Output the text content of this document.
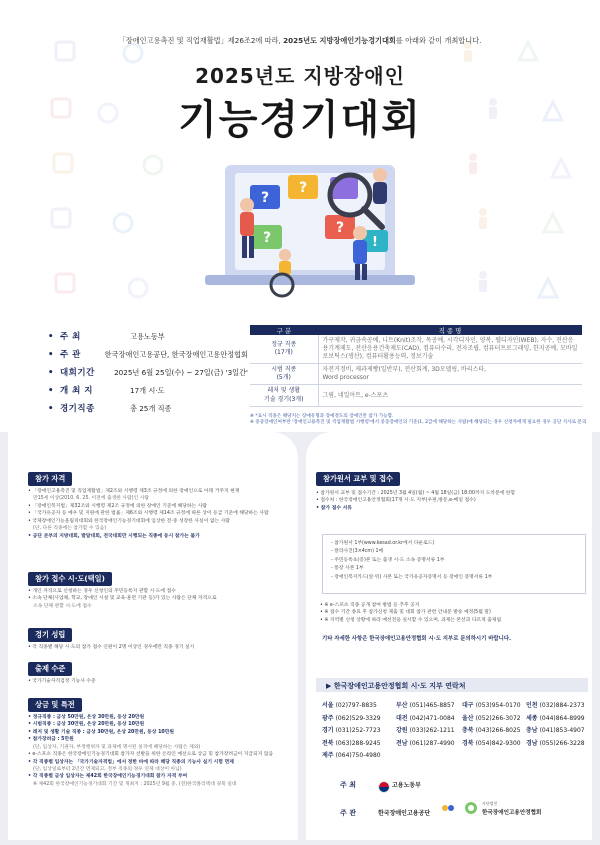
「장애인고용촉진 및 직업재활법」제26조2에 따라, 2025년도 지방장애인기능경기대회를 아래와 같이 개최합니다.
2025년도 지방장애인
기능경기대회
?
?
?
?	!
• 주 최	고용노동부
• 주 관	한국장애인고용공단, 한국장애인고용안정협회
• 대회기간	2025년 6월 25일(수) ~ 27일(금) '3일간'
• 개 최 지	17개 시·도
• 경기직종	총 25개 직종
구 분	직 종 명
정규 직종
(17개)	가구제작, 귀금속공예, 니트(Knit)조작, 목공예, 시각디자인, 양복, 웹디자인(WEB), 자수, 전산응용기계제도, 전산응용건축제도(CAD), 컴퓨터수리, 전자조립, 컴퓨터프로그래밍, 한지공예, 모바일로보틱스(생산), 컴퓨터활용능력, 정보기술
시범 직종
(5개)	자전거정비, 제과제빵(일반부), 전산회계, 3D모델링, 바리스타,
Word processor
레저 및 생활
기술 경기(3개)	그림, 네일아트, e-스포츠
※ *표시 직종은 해당지는 장애유형과 장애정도의 장애인만 참가 가능함.
※ 중증장애인여부란 '장애인고용촉진 및 직업재활법 시행령'에서 중증장애인의 기준(1, 2급에 해당하는 사람)에 해당되는 경우 신청자에게 필요한 경우 공단 지사로 문의
참가 자격
• 「장애인고용촉진 및 직업재활법」제2조와 시행령 제3조 규정에 의한 장애인으로 아래 거주지 현재
만15세 이상(2010. 6. 25. 이전에 출생한 사람)인 사람
• 「장애인복지법」제32조와 시행령 제2조 규정에 의한 장애인 기준에 해당하는 사람
• 「국가유공자 등 예우 및 지원에 관한 법률」제6조와 시행령 제14조 규정에 따른 상이 등급 기준에 해당하는 사람
• 국제장애인기능올림픽대회와 한국장애인기능경기대회에 입상한 전·중 성장한 사실이 없는 사람
(단, 다른 직종에는 참가할 수 있음)
• 공단 본부의 지방대회, 발달대회, 전국대회만 시행되는 직종에 동시 참가는 불가
참가 접수 시·도(택일)
• 개인 자격으로 신청하는 경우 신청인의 주민등록지 관할 시·도에 접수
• 소속 단체(사업체, 학교, 장애인 시설 및 교육·훈련 기관 등)가 있는 사람은 단체 자격으로
소속 단체 관할 시·도에 접수
경기 성립
• 각 직종별 해당 시·도의 참가 접수 인원이 2명 이상인 경우에만 직종 경기 실시
출제 수준
• 국가기술자격검정 기능사 수준
상금 및 특전
• 정규직종 : 금상 50만원, 은상 30만원, 동상 20만원
• 시범직종 : 금상 30만원, 은상 20만원, 동상 10만원
• 레저 및 생활 기술 직종 : 금상 30만원, 은상 20만원, 동상 10만원
• 참가장려금 : 5만원
(단, 입상자, 기권자, 부정행위자 및 과제에 명시된 실격에 해당하는 사람은 제외)
• e-스포츠 직종은 한국장애인기능경기대회 참가자 선발을 위한 온라인 예선으로 상금 및 참가장려금이 지급되지 않음
• 각 직종별 입상자는 「국가기술자격법」에서 정한 바에 따라 해당 직종의 기능사 실기 시험 면제
(단, 입상일로부터 2년간 면제되고, 정부 직종의 경우 연제 대상이 아님)
• 각 직종별 금상 입상자는 제42회 한국장애인기능경기대회 참가 자격 부여
※ 제42회 한국장애인기능경기대회 기간 및 개최지 : 2025년 9월 중, (전)한국폴리텍대 경북 일대
참가원서 교부 및 접수
• 참가원서 교부 및 접수기간 : 2025년 3월 4일(월) ~ 4월 18일(금) 18:00까지 도착분에 한함
• 접수처 : 한국장애인고용안정협회(17개 시·도 지부(우편,방문,e-메일 접수)
• 참가 접수 서류
- 참가원서 1부(www.kesad.or.kr에서 다운로드)
- 칼라사진(3×4cm) 1매
- 주민등록초(증)본 또는 출생 시·도 소속 증명서류 1부
- 통장 사본 1부
- 장애인복지카드(앞·뒤) 사본 또는 국가유공자증명서 등 장애인 증명서류 1부
• ※ e-스포츠 직종 공개 참여 방법 등 추후 공지
• ※ 접수 기간 종료 후 참가신청 제출 및 대회 참가 관련 안내문 발송 예정(5월 말)
• ※ 지역별 신청 상황에 따라 예선전을 실시할 수 있으며, 과제는 본선과 다르게 출제됨
기타 자세한 사항은 한국장애인고용안정협회 시·도 지부로 문의하시기 바랍니다.
▶ 한국장애인고용안정협회 시·도 지부 연락처
서울 (02)797-8835	부산 (051)465-8857	대구 (053)954-0170 인천 (032)884-2373
광주 (062)529-3329	대전 (042)471-0084	울산 (052)266-3072 세종 (044)864-8999
경기 (031)252-7723	강원 (033)262-1211	충북 (043)266-8025 충남 (041)853-4907
전북 (063)288-9245	전남 (061)287-4990	경북 (054)842-9300 경남 (055)266-3228
제주 (064)750-4980
주 최	고용노동부
주 관	한국장애인고용공단
사단법인
한국장애인고용안정협회
